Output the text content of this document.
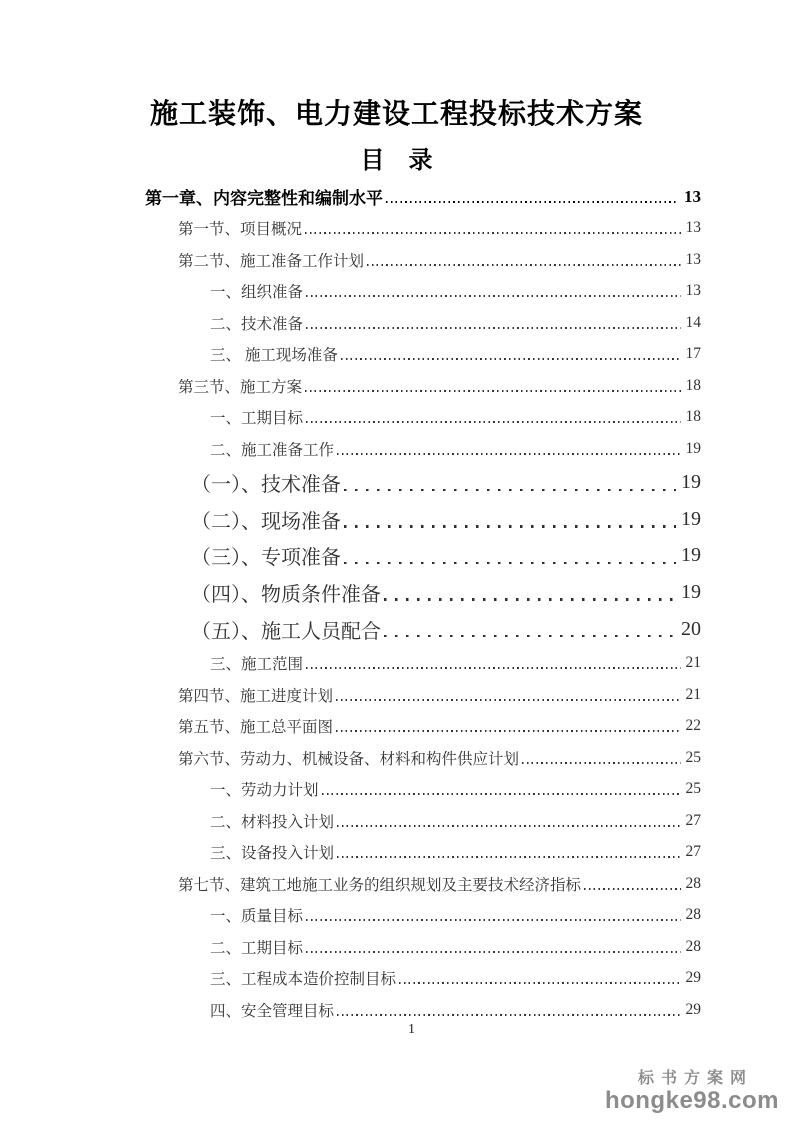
施工装饰、电力建设工程投标技术方案
目　录
第一章、内容完整性和编制水平	13
第一节、项目概况	13
第二节、施工准备工作计划	13
一、组织准备	13
二、技术准备	14
三、 施工现场准备	17
第三节、施工方案	18
一、工期目标	18
二、施工准备工作	19
（一）、技术准备	19
（二）、现场准备	19
（三）、专项准备	19
（四）、物质条件准备	19
（五）、施工人员配合	20
三、施工范围	21
第四节、施工进度计划	21
第五节、施工总平面图	22
第六节、劳动力、机械设备、材料和构件供应计划	25
一、劳动力计划	25
二、材料投入计划	27
三、设备投入计划	27
第七节、建筑工地施工业务的组织规划及主要技术经济指标	28
一、质量目标	28
二、工期目标	28
三、工程成本造价控制目标	29
四、安全管理目标	29
1
标书方案网
hongke98.com
